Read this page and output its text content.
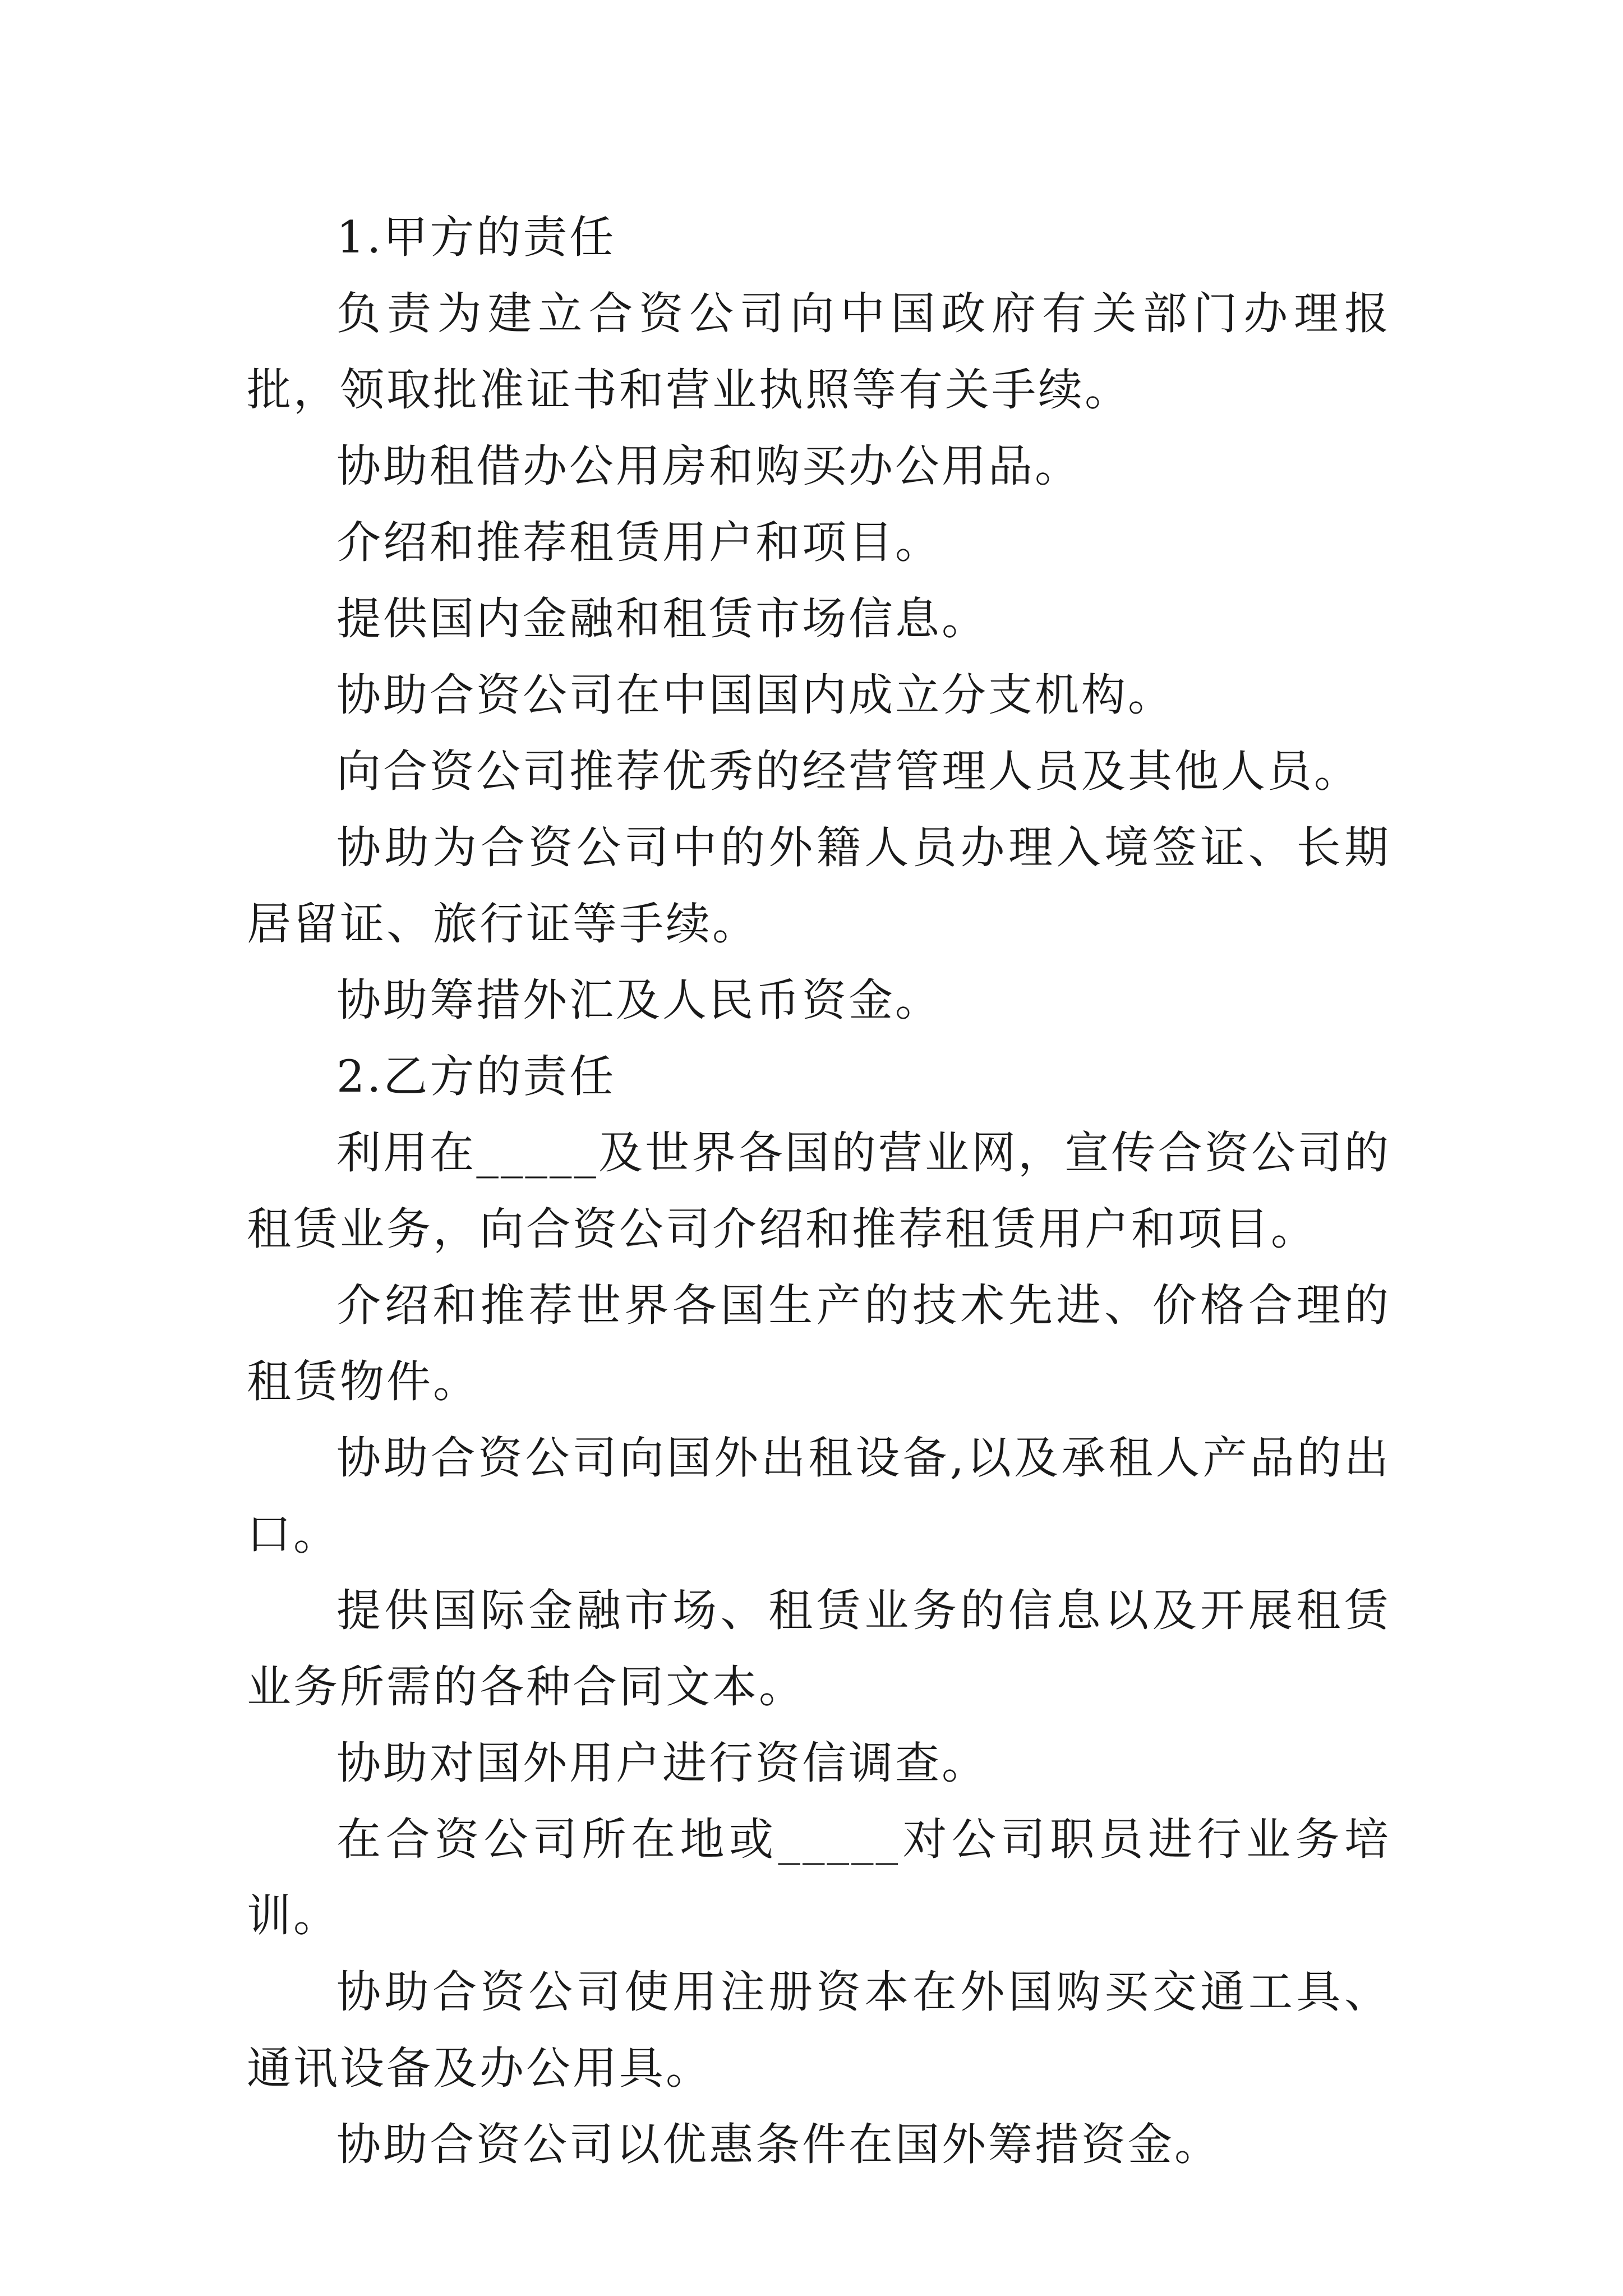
1.甲方的责任

负责为建立合资公司向中国政府有关部门办理报批，领取批准证书和营业执照等有关手续。

协助租借办公用房和购买办公用品。

介绍和推荐租赁用户和项目。

提供国内金融和租赁市场信息。

协助合资公司在中国国内成立分支机构。

向合资公司推荐优秀的经营管理人员及其他人员。

协助为合资公司中的外籍人员办理入境签证、长期居留证、旅行证等手续。

协助筹措外汇及人民币资金。

2.乙方的责任

利用在_____及世界各国的营业网，宣传合资公司的租赁业务，向合资公司介绍和推荐租赁用户和项目。

介绍和推荐世界各国生产的技术先进、价格合理的租赁物件。

协助合资公司向国外出租设备,以及承租人产品的出口。

提供国际金融市场、租赁业务的信息以及开展租赁业务所需的各种合同文本。

协助对国外用户进行资信调查。

在合资公司所在地或_____对公司职员进行业务培训。

协助合资公司使用注册资本在外国购买交通工具、通讯设备及办公用具。

协助合资公司以优惠条件在国外筹措资金。
